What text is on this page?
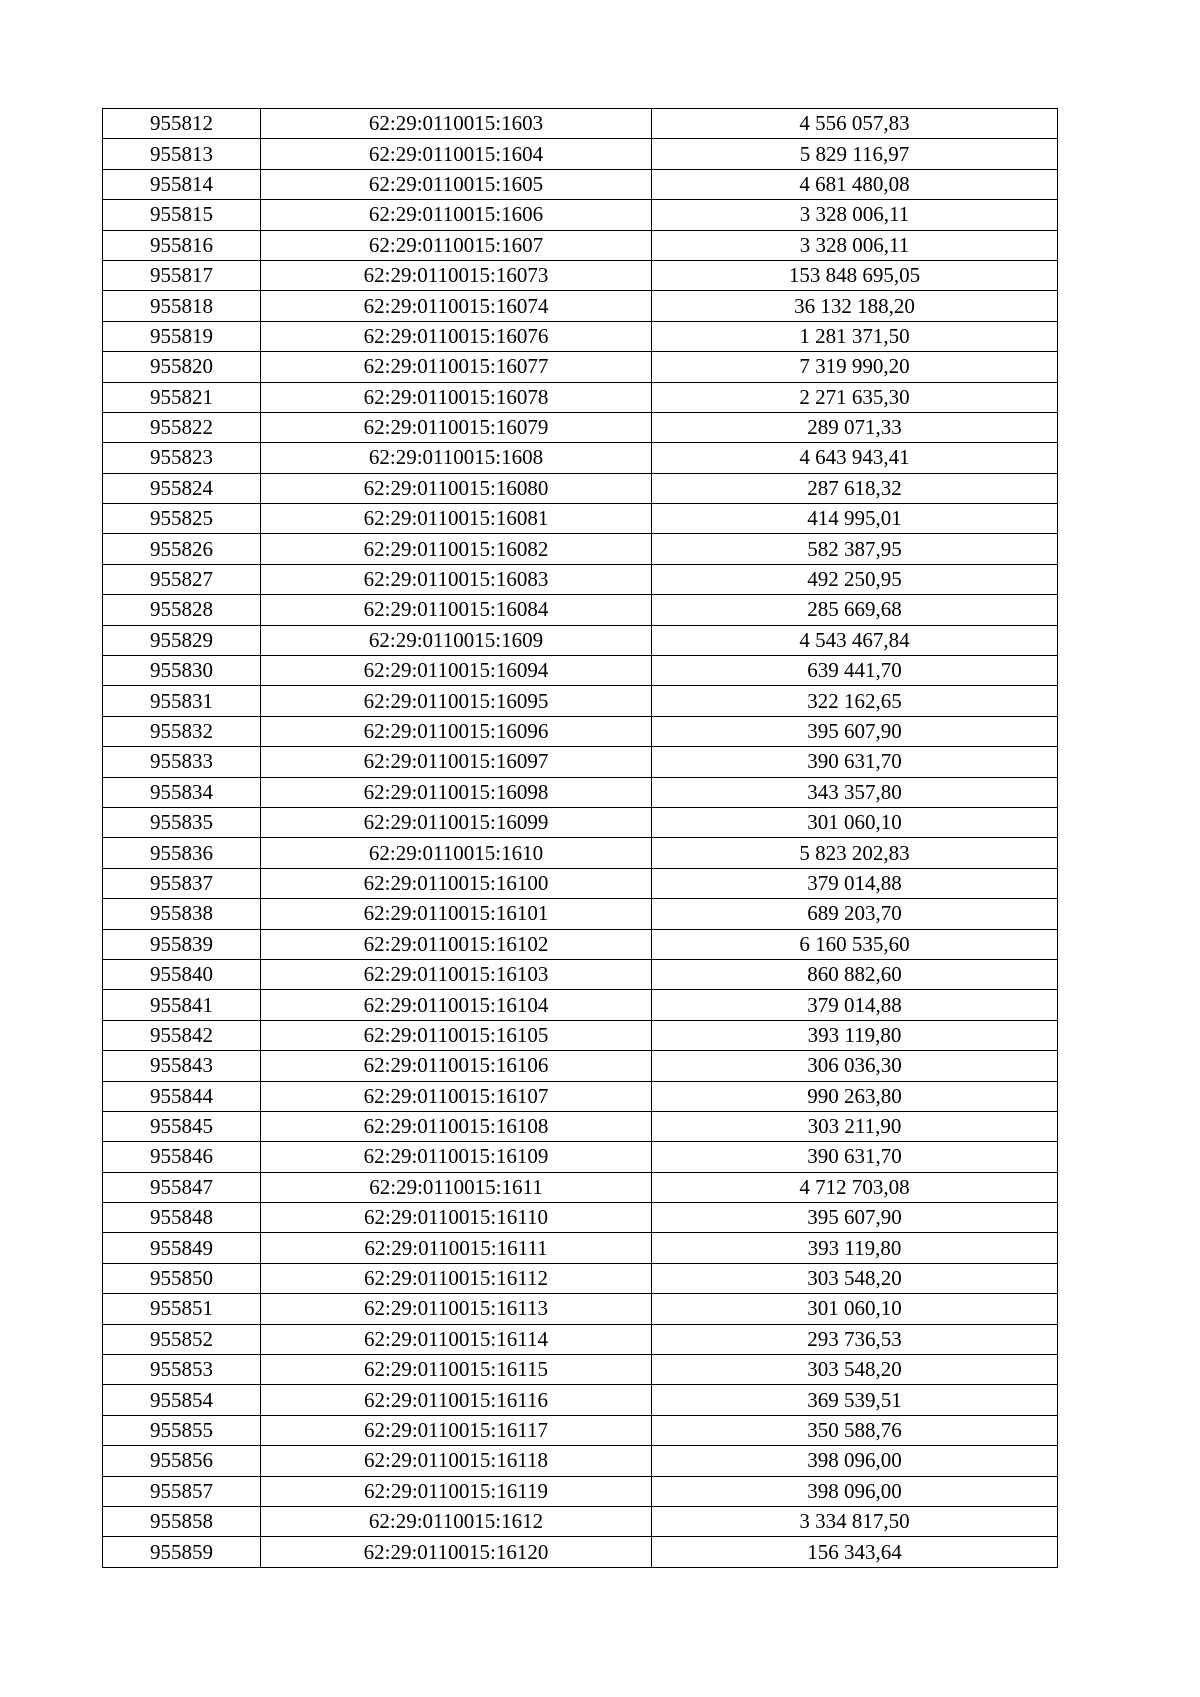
955812	62:29:0110015:1603	4 556 057,83
955813	62:29:0110015:1604	5 829 116,97
955814	62:29:0110015:1605	4 681 480,08
955815	62:29:0110015:1606	3 328 006,11
955816	62:29:0110015:1607	3 328 006,11
955817	62:29:0110015:16073	153 848 695,05
955818	62:29:0110015:16074	36 132 188,20
955819	62:29:0110015:16076	1 281 371,50
955820	62:29:0110015:16077	7 319 990,20
955821	62:29:0110015:16078	2 271 635,30
955822	62:29:0110015:16079	289 071,33
955823	62:29:0110015:1608	4 643 943,41
955824	62:29:0110015:16080	287 618,32
955825	62:29:0110015:16081	414 995,01
955826	62:29:0110015:16082	582 387,95
955827	62:29:0110015:16083	492 250,95
955828	62:29:0110015:16084	285 669,68
955829	62:29:0110015:1609	4 543 467,84
955830	62:29:0110015:16094	639 441,70
955831	62:29:0110015:16095	322 162,65
955832	62:29:0110015:16096	395 607,90
955833	62:29:0110015:16097	390 631,70
955834	62:29:0110015:16098	343 357,80
955835	62:29:0110015:16099	301 060,10
955836	62:29:0110015:1610	5 823 202,83
955837	62:29:0110015:16100	379 014,88
955838	62:29:0110015:16101	689 203,70
955839	62:29:0110015:16102	6 160 535,60
955840	62:29:0110015:16103	860 882,60
955841	62:29:0110015:16104	379 014,88
955842	62:29:0110015:16105	393 119,80
955843	62:29:0110015:16106	306 036,30
955844	62:29:0110015:16107	990 263,80
955845	62:29:0110015:16108	303 211,90
955846	62:29:0110015:16109	390 631,70
955847	62:29:0110015:1611	4 712 703,08
955848	62:29:0110015:16110	395 607,90
955849	62:29:0110015:16111	393 119,80
955850	62:29:0110015:16112	303 548,20
955851	62:29:0110015:16113	301 060,10
955852	62:29:0110015:16114	293 736,53
955853	62:29:0110015:16115	303 548,20
955854	62:29:0110015:16116	369 539,51
955855	62:29:0110015:16117	350 588,76
955856	62:29:0110015:16118	398 096,00
955857	62:29:0110015:16119	398 096,00
955858	62:29:0110015:1612	3 334 817,50
955859	62:29:0110015:16120	156 343,64
